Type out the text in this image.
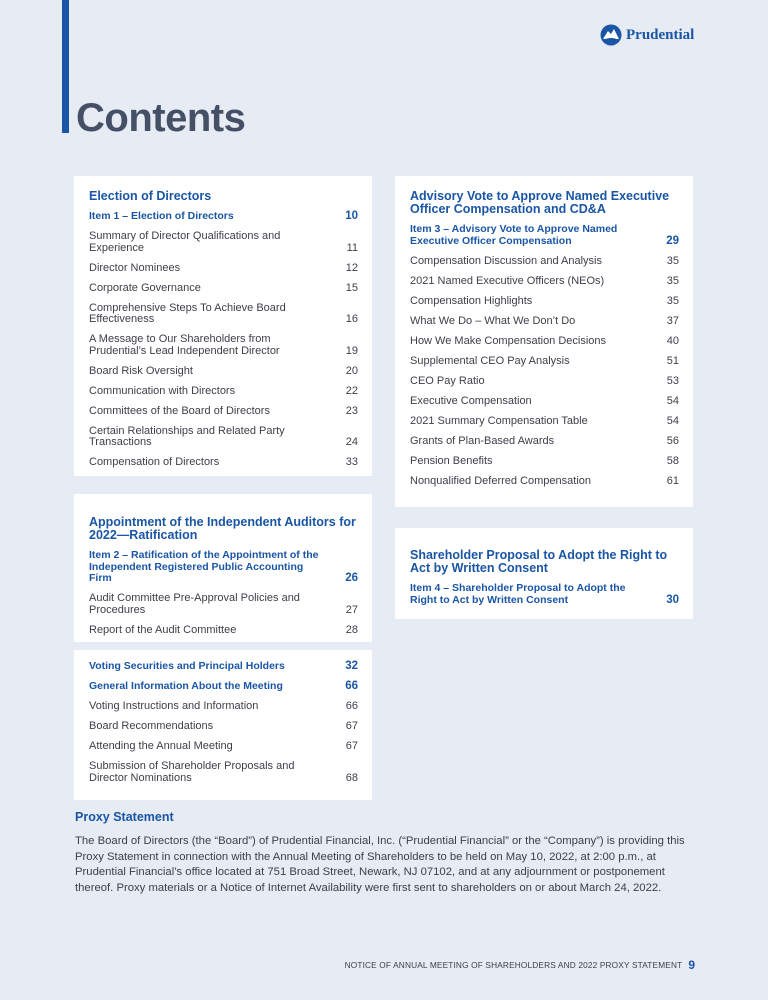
Prudential
Contents
Election of Directors
Item 1 – Election of Directors	10
Summary of Director Qualifications and Experience	11
Director Nominees	12
Corporate Governance	15
Comprehensive Steps To Achieve Board Effectiveness	16
A Message to Our Shareholders from Prudential’s Lead Independent Director	19
Board Risk Oversight	20
Communication with Directors	22
Committees of the Board of Directors	23
Certain Relationships and Related Party Transactions	24
Compensation of Directors	33
Advisory Vote to Approve Named Executive Officer Compensation and CD&A
Item 3 – Advisory Vote to Approve Named Executive Officer Compensation	29
Compensation Discussion and Analysis	35
2021 Named Executive Officers (NEOs)	35
Compensation Highlights	35
What We Do – What We Don’t Do	37
How We Make Compensation Decisions	40
Supplemental CEO Pay Analysis	51
CEO Pay Ratio	53
Executive Compensation	54
2021 Summary Compensation Table	54
Grants of Plan-Based Awards	56
Pension Benefits	58
Nonqualified Deferred Compensation	61
Appointment of the Independent Auditors for 2022—Ratification
Item 2 – Ratification of the Appointment of the Independent Registered Public Accounting Firm	26
Audit Committee Pre-Approval Policies and Procedures	27
Report of the Audit Committee	28
Shareholder Proposal to Adopt the Right to Act by Written Consent
Item 4 – Shareholder Proposal to Adopt the Right to Act by Written Consent	30
Voting Securities and Principal Holders	32
General Information About the Meeting	66
Voting Instructions and Information	66
Board Recommendations	67
Attending the Annual Meeting	67
Submission of Shareholder Proposals and Director Nominations	68
Proxy Statement

The Board of Directors (the “Board”) of Prudential Financial, Inc. (“Prudential Financial” or the “Company”) is providing this Proxy Statement in connection with the Annual Meeting of Shareholders to be held on May 10, 2022, at 2:00 p.m., at Prudential Financial’s office located at 751 Broad Street, Newark, NJ 07102, and at any adjournment or postponement thereof. Proxy materials or a Notice of Internet Availability were first sent to shareholders on or about March 24, 2022.

NOTICE OF ANNUAL MEETING OF SHAREHOLDERS AND 2022 PROXY STATEMENT 9
